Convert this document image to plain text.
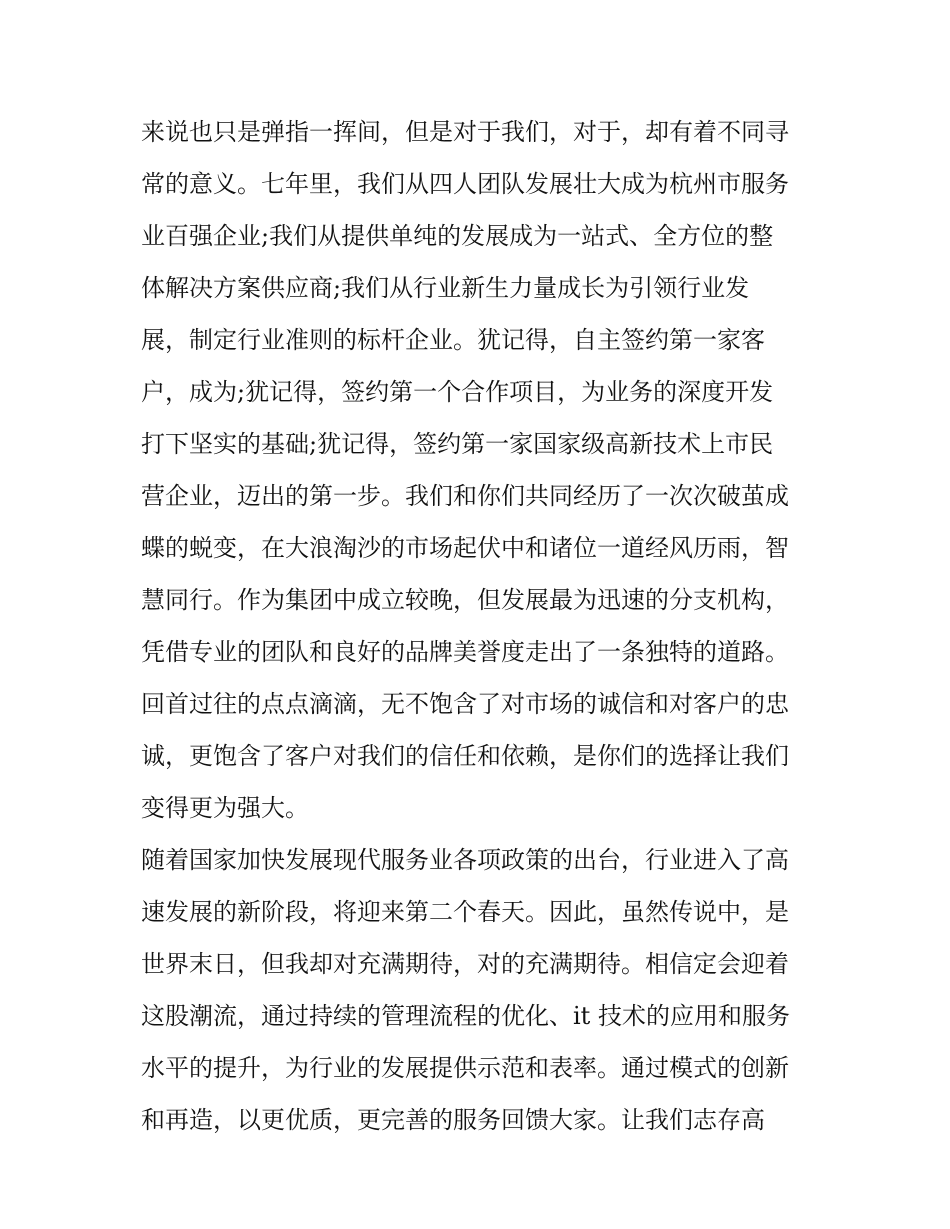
来说也只是弹指一挥间，但是对于我们，对于，却有着不同寻

常的意义。七年里，我们从四人团队发展壮大成为杭州市服务

业百强企业;我们从提供单纯的发展成为一站式、全方位的整

体解决方案供应商;我们从行业新生力量成长为引领行业发

展，制定行业准则的标杆企业。犹记得，自主签约第一家客

户，成为;犹记得，签约第一个合作项目，为业务的深度开发

打下坚实的基础;犹记得，签约第一家国家级高新技术上市民

营企业，迈出的第一步。我们和你们共同经历了一次次破茧成

蝶的蜕变，在大浪淘沙的市场起伏中和诸位一道经风历雨，智

慧同行。作为集团中成立较晚，但发展最为迅速的分支机构，

凭借专业的团队和良好的品牌美誉度走出了一条独特的道路。

回首过往的点点滴滴，无不饱含了对市场的诚信和对客户的忠

诚，更饱含了客户对我们的信任和依赖，是你们的选择让我们

变得更为强大。

随着国家加快发展现代服务业各项政策的出台，行业进入了高

速发展的新阶段，将迎来第二个春天。因此，虽然传说中，是

世界末日，但我却对充满期待，对的充满期待。相信定会迎着

这股潮流，通过持续的管理流程的优化、it 技术的应用和服务

水平的提升，为行业的发展提供示范和表率。通过模式的创新

和再造，以更优质，更完善的服务回馈大家。让我们志存高
